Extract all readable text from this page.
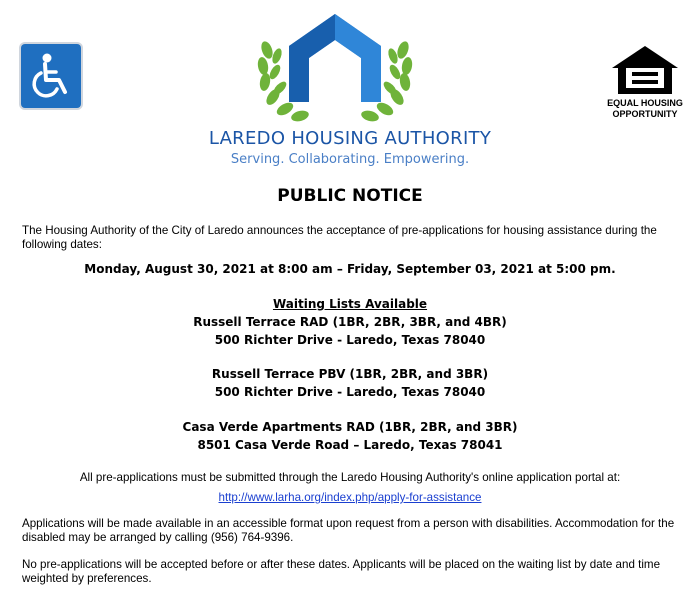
EQUAL HOUSING
OPPORTUNITY
LAREDO HOUSING AUTHORITY
Serving. Collaborating. Empowering.
PUBLIC NOTICE
The Housing Authority of the City of Laredo announces the acceptance of pre-applications for housing assistance during the following dates:
Monday, August 30, 2021 at 8:00 am – Friday, September 03, 2021 at 5:00 pm.
Waiting Lists Available
Russell Terrace RAD (1BR, 2BR, 3BR, and 4BR)
500 Richter Drive - Laredo, Texas 78040
Russell Terrace PBV (1BR, 2BR, and 3BR)
500 Richter Drive - Laredo, Texas 78040
Casa Verde Apartments RAD (1BR, 2BR, and 3BR)
8501 Casa Verde Road – Laredo, Texas 78041
All pre-applications must be submitted through the Laredo Housing Authority's online application portal at:
http://www.larha.org/index.php/apply-for-assistance
Applications will be made available in an accessible format upon request from a person with disabilities. Accommodation for the disabled may be arranged by calling (956) 764-9396.
No pre-applications will be accepted before or after these dates. Applicants will be placed on the waiting list by date and time weighted by preferences.
